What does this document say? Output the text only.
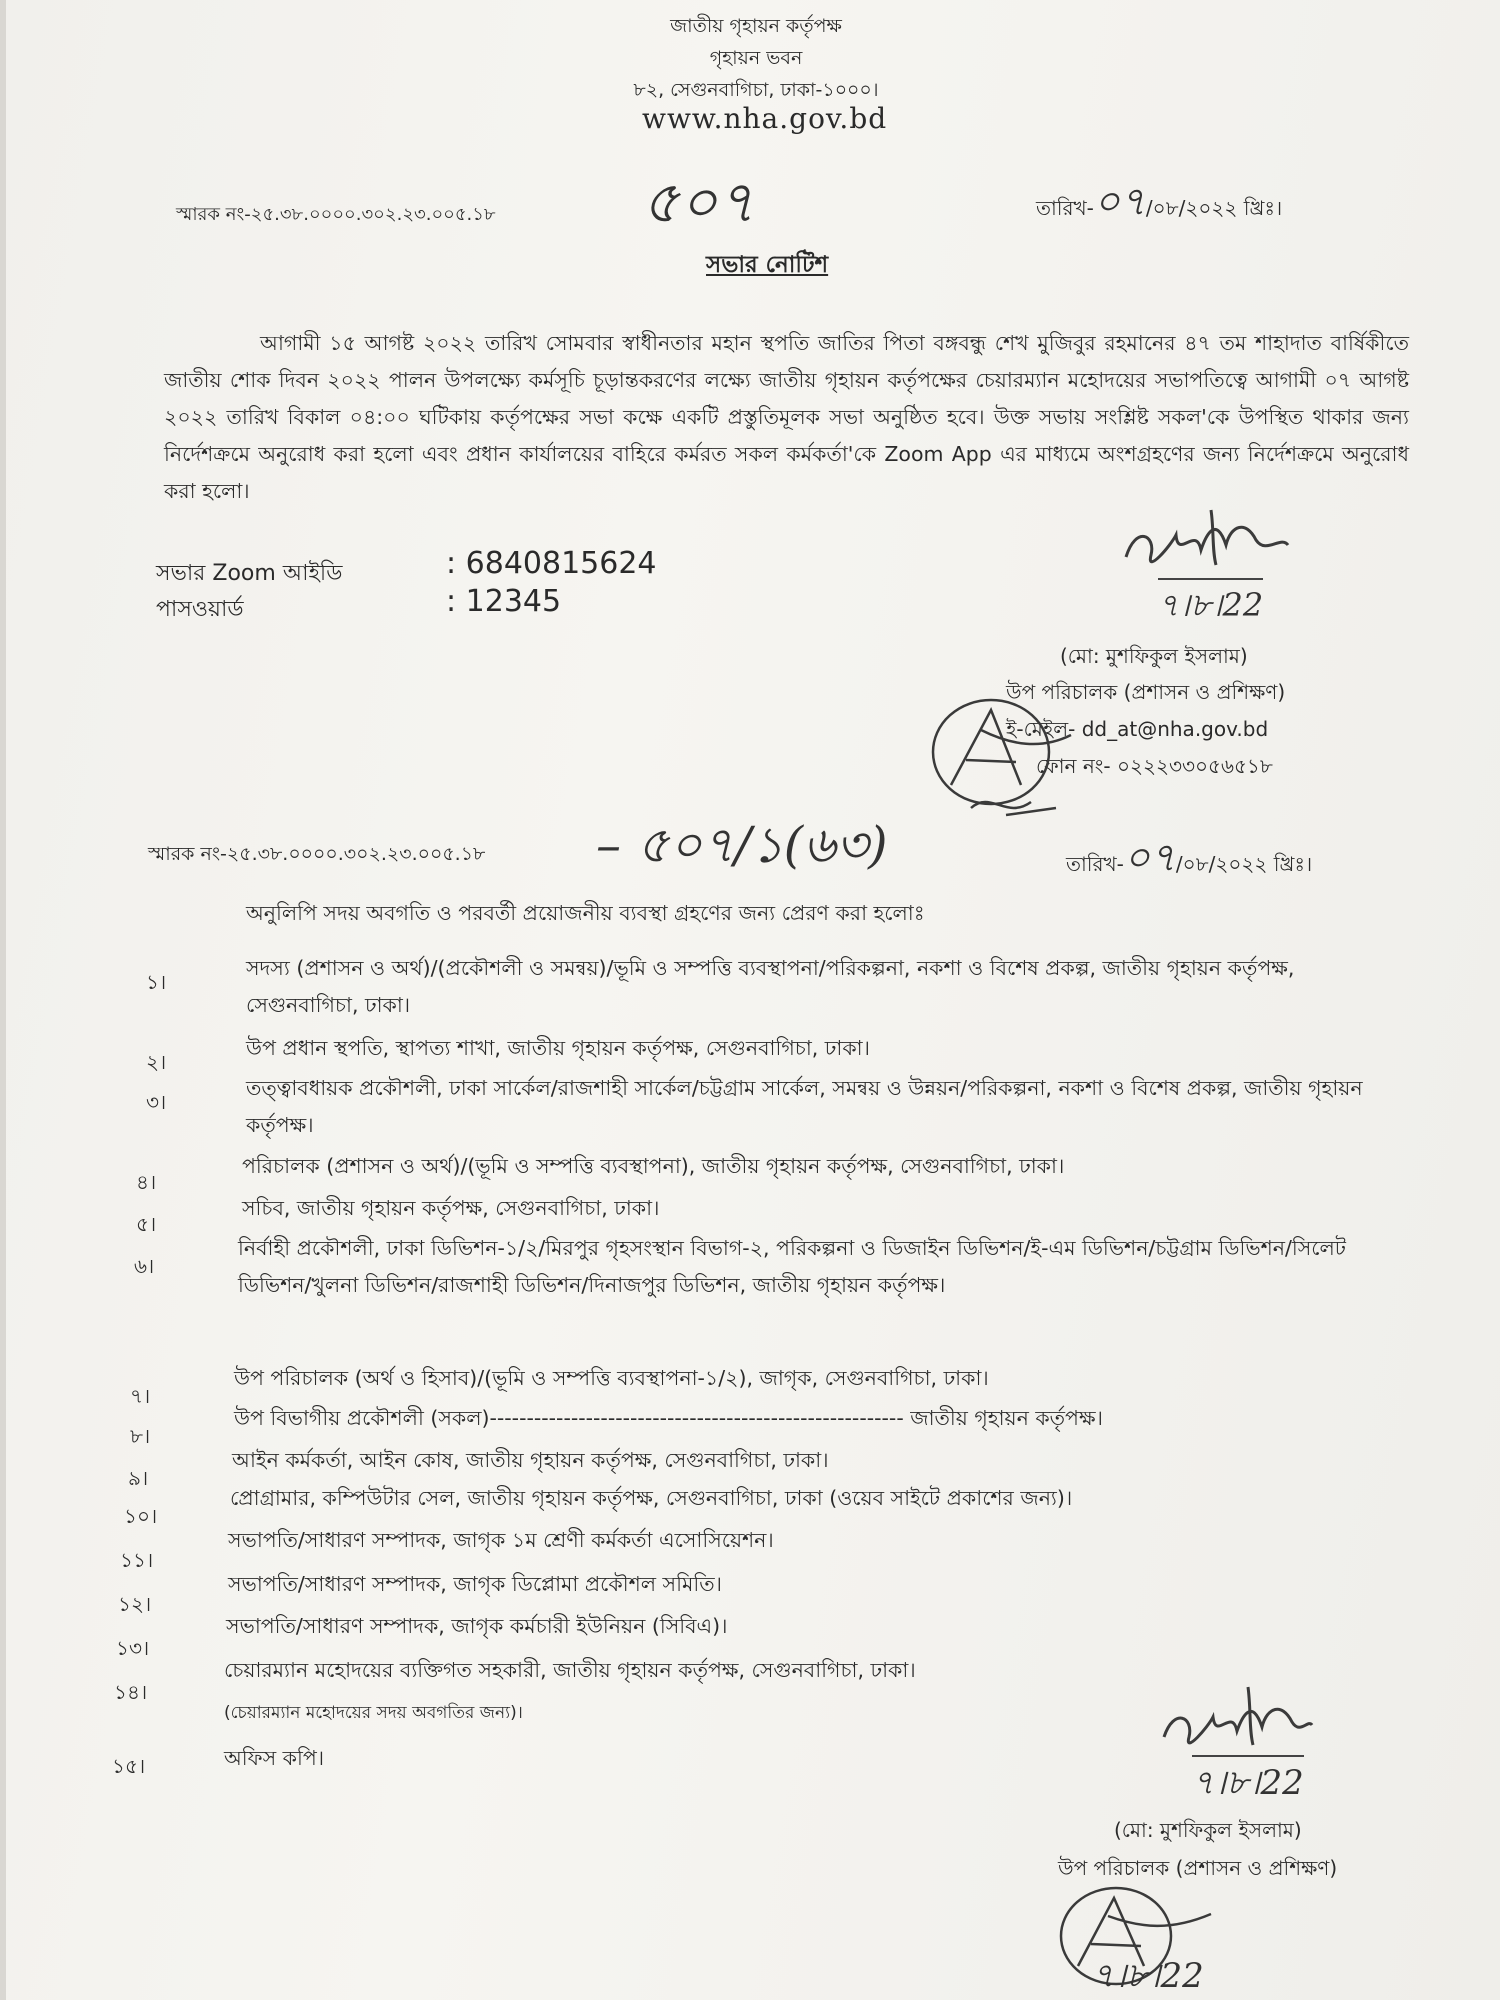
জাতীয় গৃহায়ন কর্তৃপক্ষ
গৃহায়ন ভবন
৮২, সেগুনবাগিচা, ঢাকা-১০০০।
www.nha.gov.bd
স্মারক নং-২৫.৩৮.০০০০.৩০২.২৩.০০৫.১৮	৫০৭	তারিখ-০৭/০৮/২০২২ খ্রিঃ।
সভার নোটিশ
আগামী ১৫ আগষ্ট ২০২২ তারিখ সোমবার স্বাধীনতার মহান স্থপতি জাতির পিতা বঙ্গবন্ধু শেখ মুজিবুর রহমানের ৪৭ তম শাহাদাত বার্ষিকীতে জাতীয় শোক দিবন ২০২২ পালন উপলক্ষ্যে কর্মসূচি চূড়ান্তকরণের লক্ষ্যে জাতীয় গৃহায়ন কর্তৃপক্ষের চেয়ারম্যান মহোদয়ের সভাপতিত্বে আগামী ০৭ আগষ্ট ২০২২ তারিখ বিকাল ০৪:০০ ঘটিকায় কর্তৃপক্ষের সভা কক্ষে একটি প্রস্তুতিমূলক সভা অনুষ্ঠিত হবে। উক্ত সভায় সংশ্লিষ্ট সকল'কে উপস্থিত থাকার জন্য নির্দেশক্রমে অনুরোধ করা হলো এবং প্রধান কার্যালয়ের বাহিরে কর্মরত সকল কর্মকর্তা'কে Zoom App এর মাধ্যমে অংশগ্রহণের জন্য নির্দেশক্রমে অনুরোধ করা হলো।
সভার Zoom আইডি	: 6840815624
পাসওয়ার্ড	: 12345	৭।৮।22
(মো: মুশফিকুল ইসলাম)
উপ পরিচালক (প্রশাসন ও প্রশিক্ষণ)
ই-মেইল- dd_at@nha.gov.bd
ফোন নং- ০২২২৩৩০৫৬৫১৮
স্মারক নং-২৫.৩৮.০০০০.৩০২.২৩.০০৫.১৮ – ৫০৭/১(৬৩)	তারিখ-০৭/০৮/২০২২ খ্রিঃ।
অনুলিপি সদয় অবগতি ও পরবর্তী প্রয়োজনীয় ব্যবস্থা গ্রহণের জন্য প্রেরণ করা হলোঃ
১।
সদস্য (প্রশাসন ও অর্থ)/(প্রকৌশলী ও সমন্বয়)/ভূমি ও সম্পত্তি ব্যবস্থাপনা/পরিকল্পনা, নকশা ও বিশেষ প্রকল্প, জাতীয় গৃহায়ন কর্তৃপক্ষ, সেগুনবাগিচা, ঢাকা।
২।
উপ প্রধান স্থপতি, স্থাপত্য শাখা, জাতীয় গৃহায়ন কর্তৃপক্ষ, সেগুনবাগিচা, ঢাকা।
৩।
তত্ত্বাবধায়ক প্রকৌশলী, ঢাকা সার্কেল/রাজশাহী সার্কেল/চট্টগ্রাম সার্কেল, সমন্বয় ও উন্নয়ন/পরিকল্পনা, নকশা ও বিশেষ প্রকল্প, জাতীয় গৃহায়ন কর্তৃপক্ষ।
৪।
পরিচালক (প্রশাসন ও অর্থ)/(ভূমি ও সম্পত্তি ব্যবস্থাপনা), জাতীয় গৃহায়ন কর্তৃপক্ষ, সেগুনবাগিচা, ঢাকা।
৫।
সচিব, জাতীয় গৃহায়ন কর্তৃপক্ষ, সেগুনবাগিচা, ঢাকা।
৬।
নির্বাহী প্রকৌশলী, ঢাকা ডিভিশন-১/২/মিরপুর গৃহসংস্থান বিভাগ-২, পরিকল্পনা ও ডিজাইন ডিভিশন/ই-এম ডিভিশন/চট্টগ্রাম ডিভিশন/সিলেট ডিভিশন/খুলনা ডিভিশন/রাজশাহী ডিভিশন/দিনাজপুর ডিভিশন, জাতীয় গৃহায়ন কর্তৃপক্ষ।
৭।
উপ পরিচালক (অর্থ ও হিসাব)/(ভূমি ও সম্পত্তি ব্যবস্থাপনা-১/২), জাগৃক, সেগুনবাগিচা, ঢাকা।
৮।
উপ বিভাগীয় প্রকৌশলী (সকল)-------------------------------------------------------- জাতীয় গৃহায়ন কর্তৃপক্ষ।
৯।
আইন কর্মকর্তা, আইন কোষ, জাতীয় গৃহায়ন কর্তৃপক্ষ, সেগুনবাগিচা, ঢাকা।
১০।
প্রোগ্রামার, কম্পিউটার সেল, জাতীয় গৃহায়ন কর্তৃপক্ষ, সেগুনবাগিচা, ঢাকা (ওয়েব সাইটে প্রকাশের জন্য)।
১১।
সভাপতি/সাধারণ সম্পাদক, জাগৃক ১ম শ্রেণী কর্মকর্তা এসোসিয়েশন।
১২।
সভাপতি/সাধারণ সম্পাদক, জাগৃক ডিপ্লোমা প্রকৌশল সমিতি।
১৩।
সভাপতি/সাধারণ সম্পাদক, জাগৃক কর্মচারী ইউনিয়ন (সিবিএ)।
১৪।
চেয়ারম্যান মহোদয়ের ব্যক্তিগত সহকারী, জাতীয় গৃহায়ন কর্তৃপক্ষ, সেগুনবাগিচা, ঢাকা।
(চেয়ারম্যান মহোদয়ের সদয় অবগতির জন্য)।
১৫।	অফিস কপি।
৭।৮।22
(মো: মুশফিকুল ইসলাম)
উপ পরিচালক (প্রশাসন ও প্রশিক্ষণ)
৭।৮।22
